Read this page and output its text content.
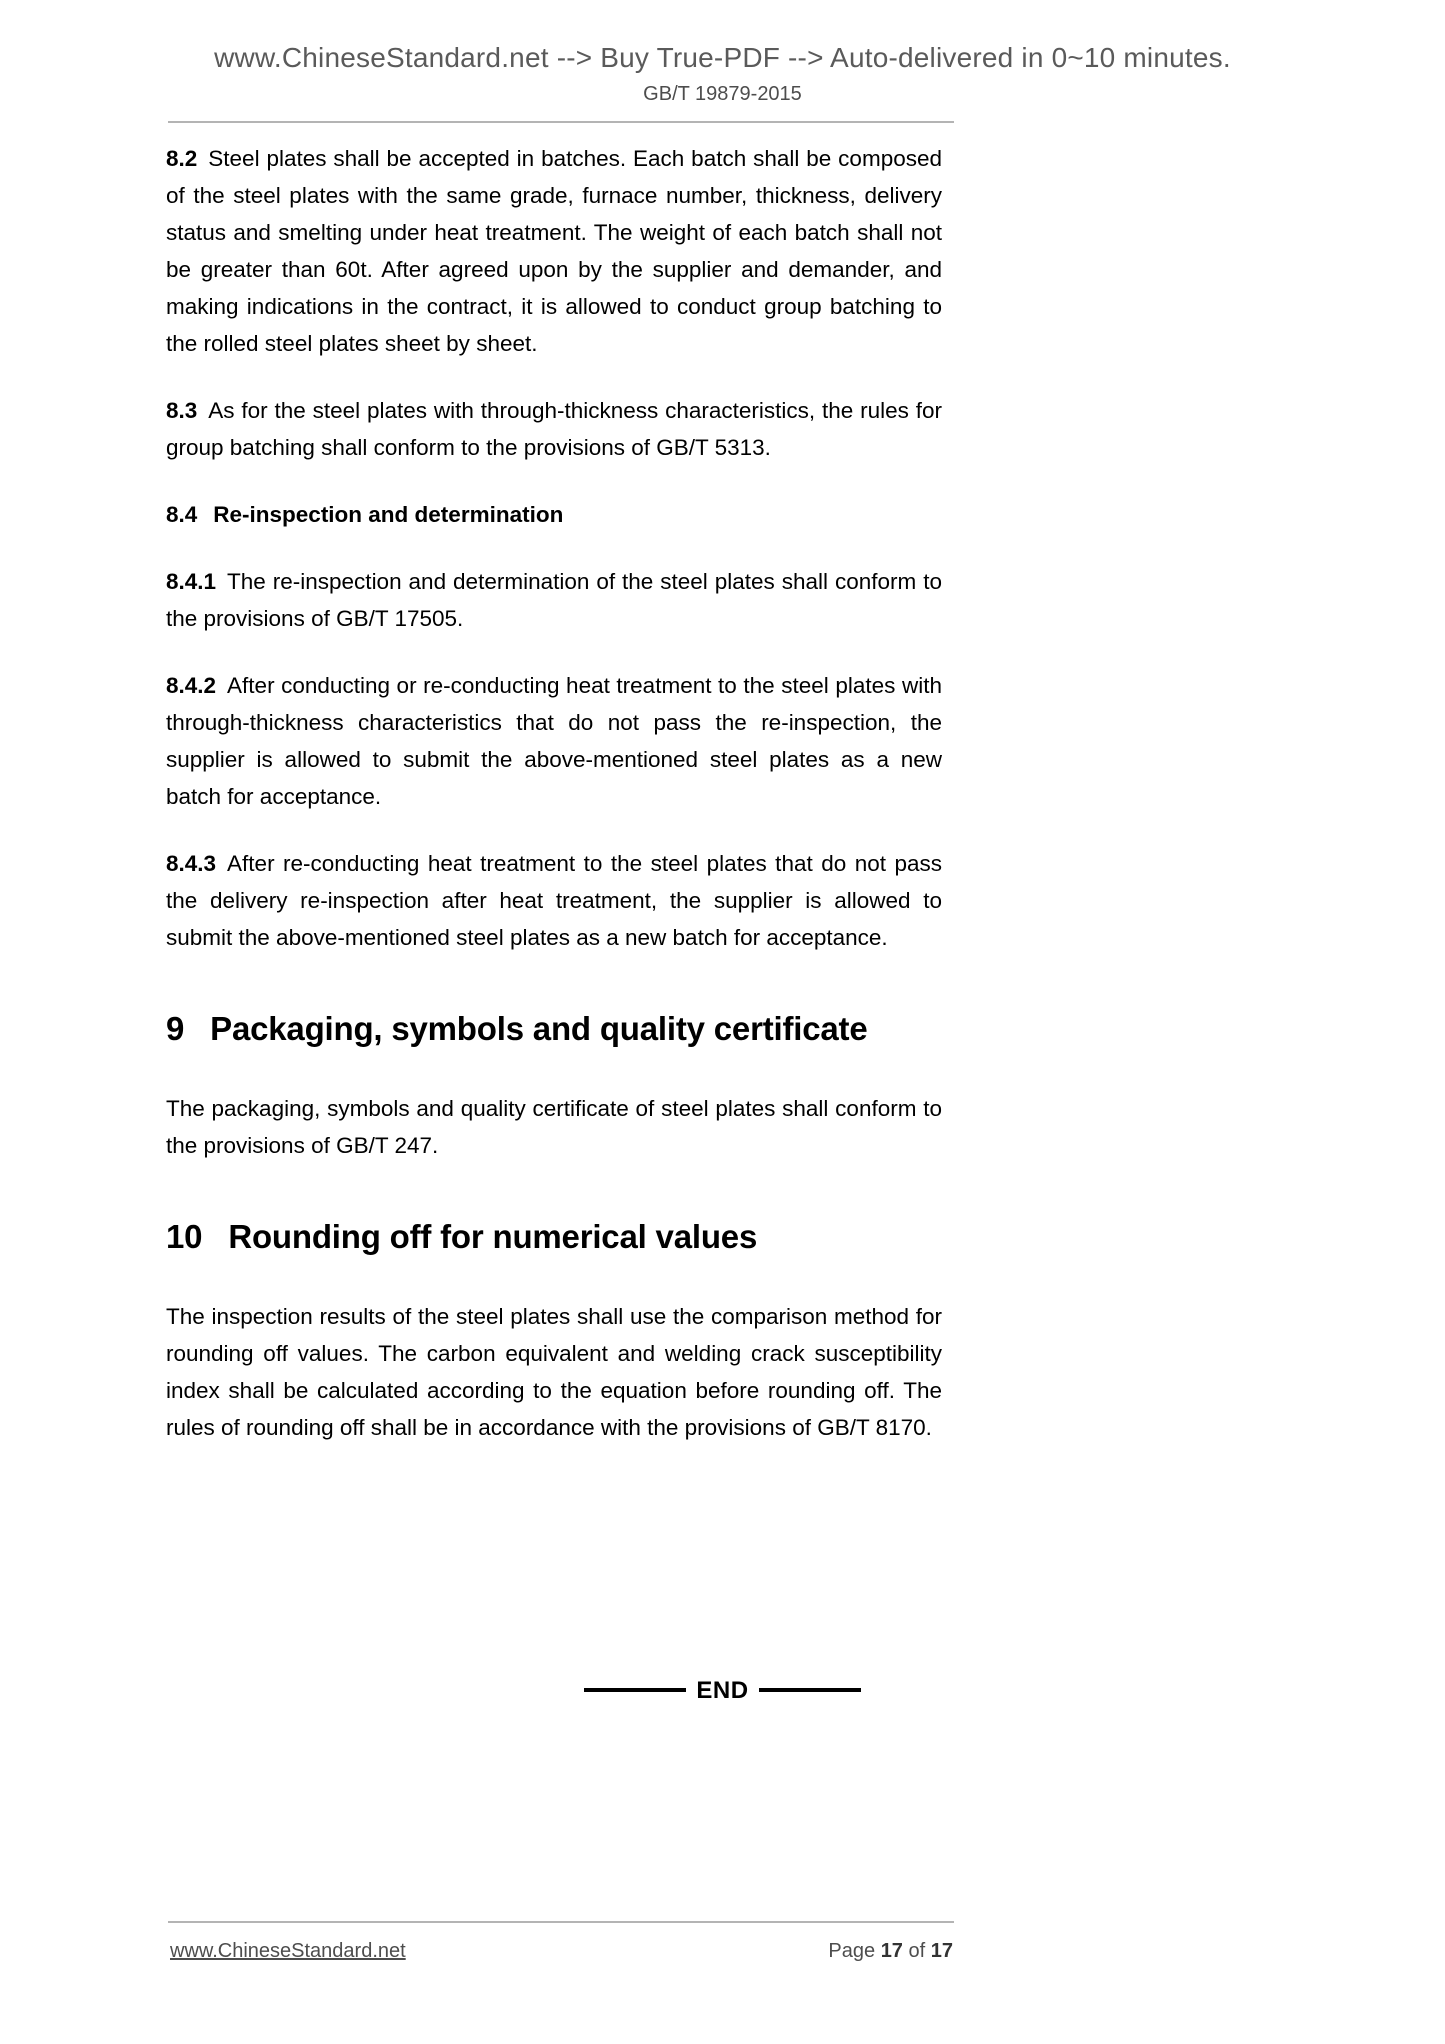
www.ChineseStandard.net --> Buy True-PDF --> Auto-delivered in 0~10 minutes.
GB/T 19879-2015

8.2 Steel plates shall be accepted in batches. Each batch shall be composed of the steel plates with the same grade, furnace number, thickness, delivery status and smelting under heat treatment. The weight of each batch shall not be greater than 60t. After agreed upon by the supplier and demander, and making indications in the contract, it is allowed to conduct group batching to the rolled steel plates sheet by sheet.

8.3 As for the steel plates with through-thickness characteristics, the rules for group batching shall conform to the provisions of GB/T 5313.

8.4 Re-inspection and determination

8.4.1 The re-inspection and determination of the steel plates shall conform to the provisions of GB/T 17505.

8.4.2 After conducting or re-conducting heat treatment to the steel plates with through-thickness characteristics that do not pass the re-inspection, the supplier is allowed to submit the above-mentioned steel plates as a new batch for acceptance.

8.4.3 After re-conducting heat treatment to the steel plates that do not pass the delivery re-inspection after heat treatment, the supplier is allowed to submit the above-mentioned steel plates as a new batch for acceptance.

9 Packaging, symbols and quality certificate

The packaging, symbols and quality certificate of steel plates shall conform to the provisions of GB/T 247.

10 Rounding off for numerical values

The inspection results of the steel plates shall use the comparison method for rounding off values. The carbon equivalent and welding crack susceptibility index shall be calculated according to the equation before rounding off. The rules of rounding off shall be in accordance with the provisions of GB/T 8170.

END
www.ChineseStandard.net	Page 17 of 17
